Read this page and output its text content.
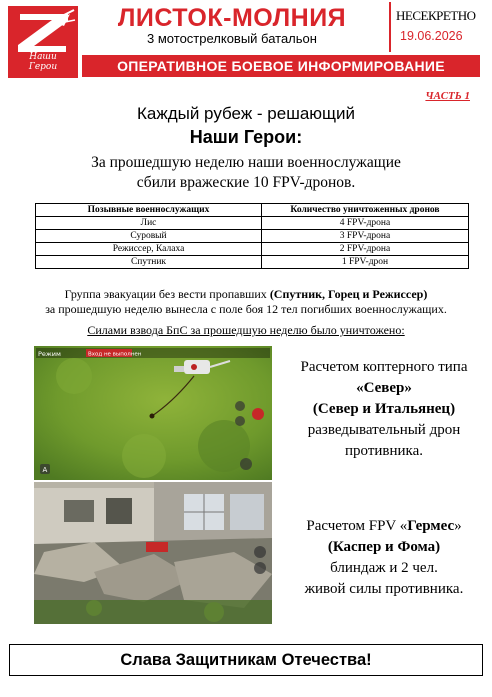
Наши
Герои
ЛИСТОК-МОЛНИЯ
3 мотострелковый батальон
НЕСЕКРЕТНО
19.06.2026
ОПЕРАТИВНОЕ БОЕВОЕ ИНФОРМИРОВАНИЕ
ЧАСТЬ 1
Каждый рубеж - решающий
Наши Герои:
За прошедшую неделю наши военнослужащие
сбили вражеские 10 FPV-дронов.
Позывные военнослужащих	Количество уничтоженных дронов
Лис	4 FPV-дрона
Суровый	3 FPV-дрона
Режиссер, Калаха	2 FPV-дрона
Спутник	1 FPV-дрон
Группа эвакуации без вести пропавших (Спутник, Горец и Режиссер)
за прошедшую неделю вынесла с поле боя 12 тел погибших военнослужащих.
Силами взвода БпС за прошедшую неделю было уничтожено:
Режим	Вход не выполнен
A
Расчетом коптерного типа
«Север»
(Север и Итальянец)
разведывательный дрон
противника.
Расчетом FPV «Гермес»
(Каспер и Фома)
блиндаж и 2 чел.
живой силы противника.
Слава Защитникам Отечества!
